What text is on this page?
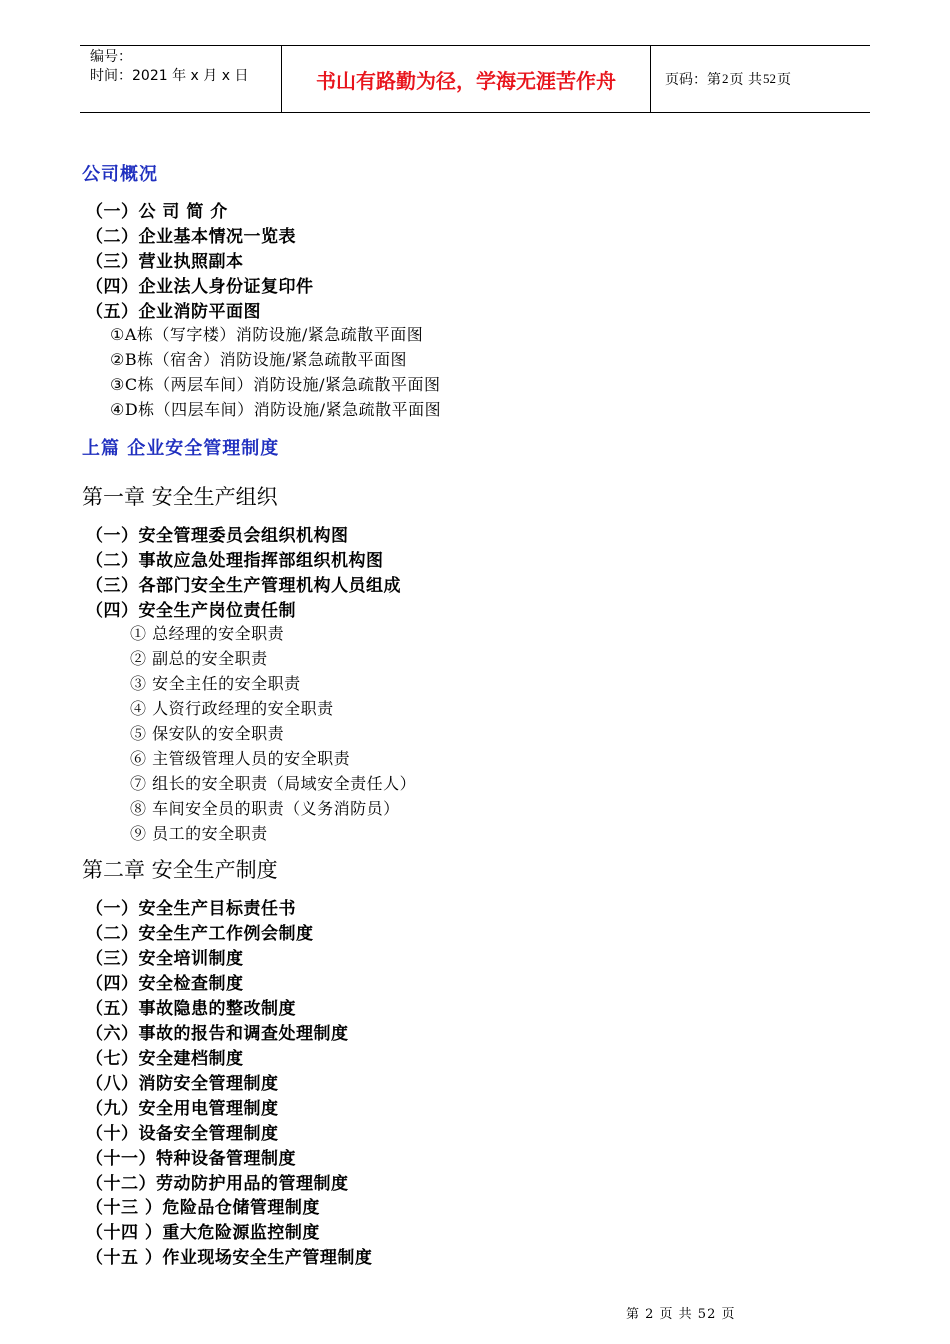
编号：
时间：2021 年 x 月 x 日	书山有路勤为径，学海无涯苦作舟	页码：第 2 页 共 52 页
公司概况
（一）公 司 简 介
（二）企业基本情况一览表
（三）营业执照副本
（四）企业法人身份证复印件
（五）企业消防平面图
①A栋（写字楼）消防设施/紧急疏散平面图
②B栋（宿舍）消防设施/紧急疏散平面图
③C栋（两层车间）消防设施/紧急疏散平面图
④D栋（四层车间）消防设施/紧急疏散平面图
上篇 企业安全管理制度
第一章 安全生产组织
（一）安全管理委员会组织机构图
（二）事故应急处理指挥部组织机构图
（三）各部门安全生产管理机构人员组成
（四）安全生产岗位责任制
① 总经理的安全职责
② 副总的安全职责
③ 安全主任的安全职责
④ 人资行政经理的安全职责
⑤ 保安队的安全职责
⑥ 主管级管理人员的安全职责
⑦ 组长的安全职责（局域安全责任人）
⑧ 车间安全员的职责（义务消防员）
⑨ 员工的安全职责
第二章 安全生产制度
（一）安全生产目标责任书
（二）安全生产工作例会制度
（三）安全培训制度
（四）安全检查制度
（五）事故隐患的整改制度
（六）事故的报告和调查处理制度
（七）安全建档制度
（八）消防安全管理制度
（九）安全用电管理制度
（十）设备安全管理制度
（十一）特种设备管理制度
（十二）劳动防护用品的管理制度
（十三 ）危险品仓储管理制度
（十四 ）重大危险源监控制度
（十五 ）作业现场安全生产管理制度
第 2 页 共 52 页
